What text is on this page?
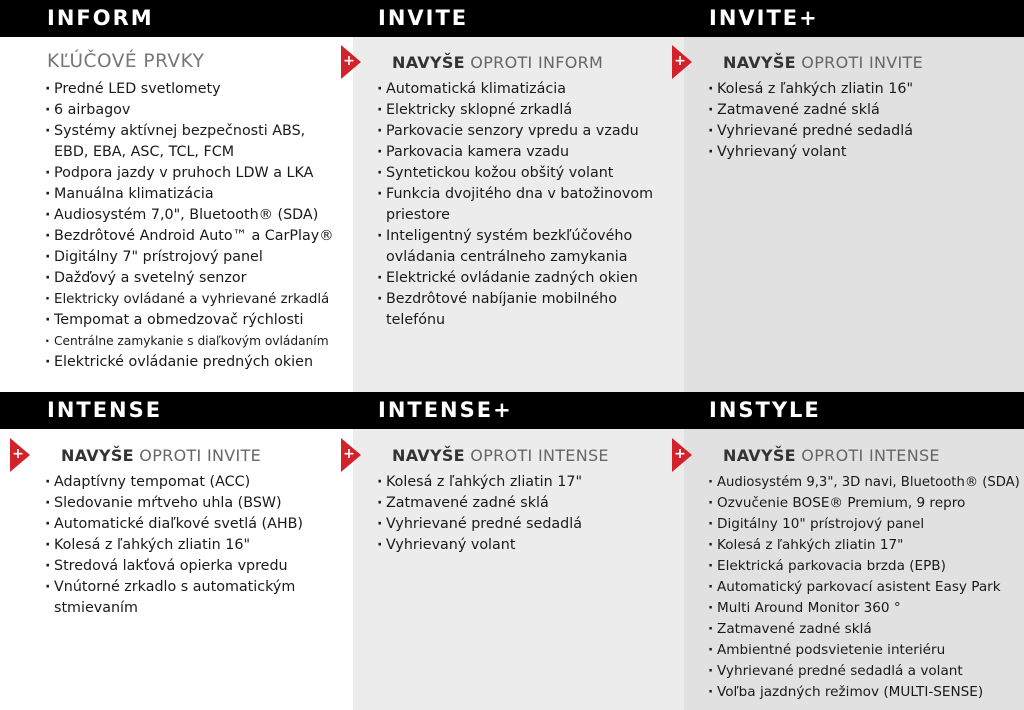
INFORM	INVITE	INVITE+
INTENSE	INTENSE+	INSTYLE
KĽÚČOVÉ PRVKY
· Predné LED svetlomety
· 6 airbagov
· Systémy aktívnej bezpečnosti ABS,
EBD, EBA, ASC, TCL, FCM
· Podpora jazdy v pruhoch LDW a LKA
· Manuálna klimatizácia
· Audiosystém 7,0", Bluetooth® (SDA)
· Bezdrôtové Android Auto™ a CarPlay®
· Digitálny 7" prístrojový panel
· Dažďový a svetelný senzor
· Elektricky ovládané a vyhrievané zrkadlá
· Tempomat a obmedzovač rýchlosti
· Centrálne zamykanie s diaľkovým ovládaním
· Elektrické ovládanie predných okien
+ NAVYŠE OPROTI INFORM
· Automatická klimatizácia
· Elektricky sklopné zrkadlá
· Parkovacie senzory vpredu a vzadu
· Parkovacia kamera vzadu
· Syntetickou kožou obšitý volant
· Funkcia dvojitého dna v batožinovom
priestore
· Inteligentný systém bezkľúčového
ovládania centrálneho zamykania
· Elektrické ovládanie zadných okien
· Bezdrôtové nabíjanie mobilného
telefónu
+ NAVYŠE OPROTI INVITE
· Kolesá z ľahkých zliatin 16"
· Zatmavené zadné sklá
· Vyhrievané predné sedadlá
· Vyhrievaný volant
+ NAVYŠE OPROTI INVITE
· Adaptívny tempomat (ACC)
· Sledovanie mŕtveho uhla (BSW)
· Automatické diaľkové svetlá (AHB)
· Kolesá z ľahkých zliatin 16"
· Stredová lakťová opierka vpredu
· Vnútorné zrkadlo s automatickým
stmievaním
+ NAVYŠE OPROTI INTENSE
· Kolesá z ľahkých zliatin 17"
· Zatmavené zadné sklá
· Vyhrievané predné sedadlá
· Vyhrievaný volant
+ NAVYŠE OPROTI INTENSE
· Audiosystém 9,3", 3D navi, Bluetooth® (SDA)
· Ozvučenie BOSE® Premium, 9 repro
· Digitálny 10" prístrojový panel
· Kolesá z ľahkých zliatin 17"
· Elektrická parkovacia brzda (EPB)
· Automatický parkovací asistent Easy Park
· Multi Around Monitor 360 °
· Zatmavené zadné sklá
· Ambientné podsvietenie interiéru
· Vyhrievané predné sedadlá a volant
· Voľba jazdných režimov (MULTI-SENSE)
